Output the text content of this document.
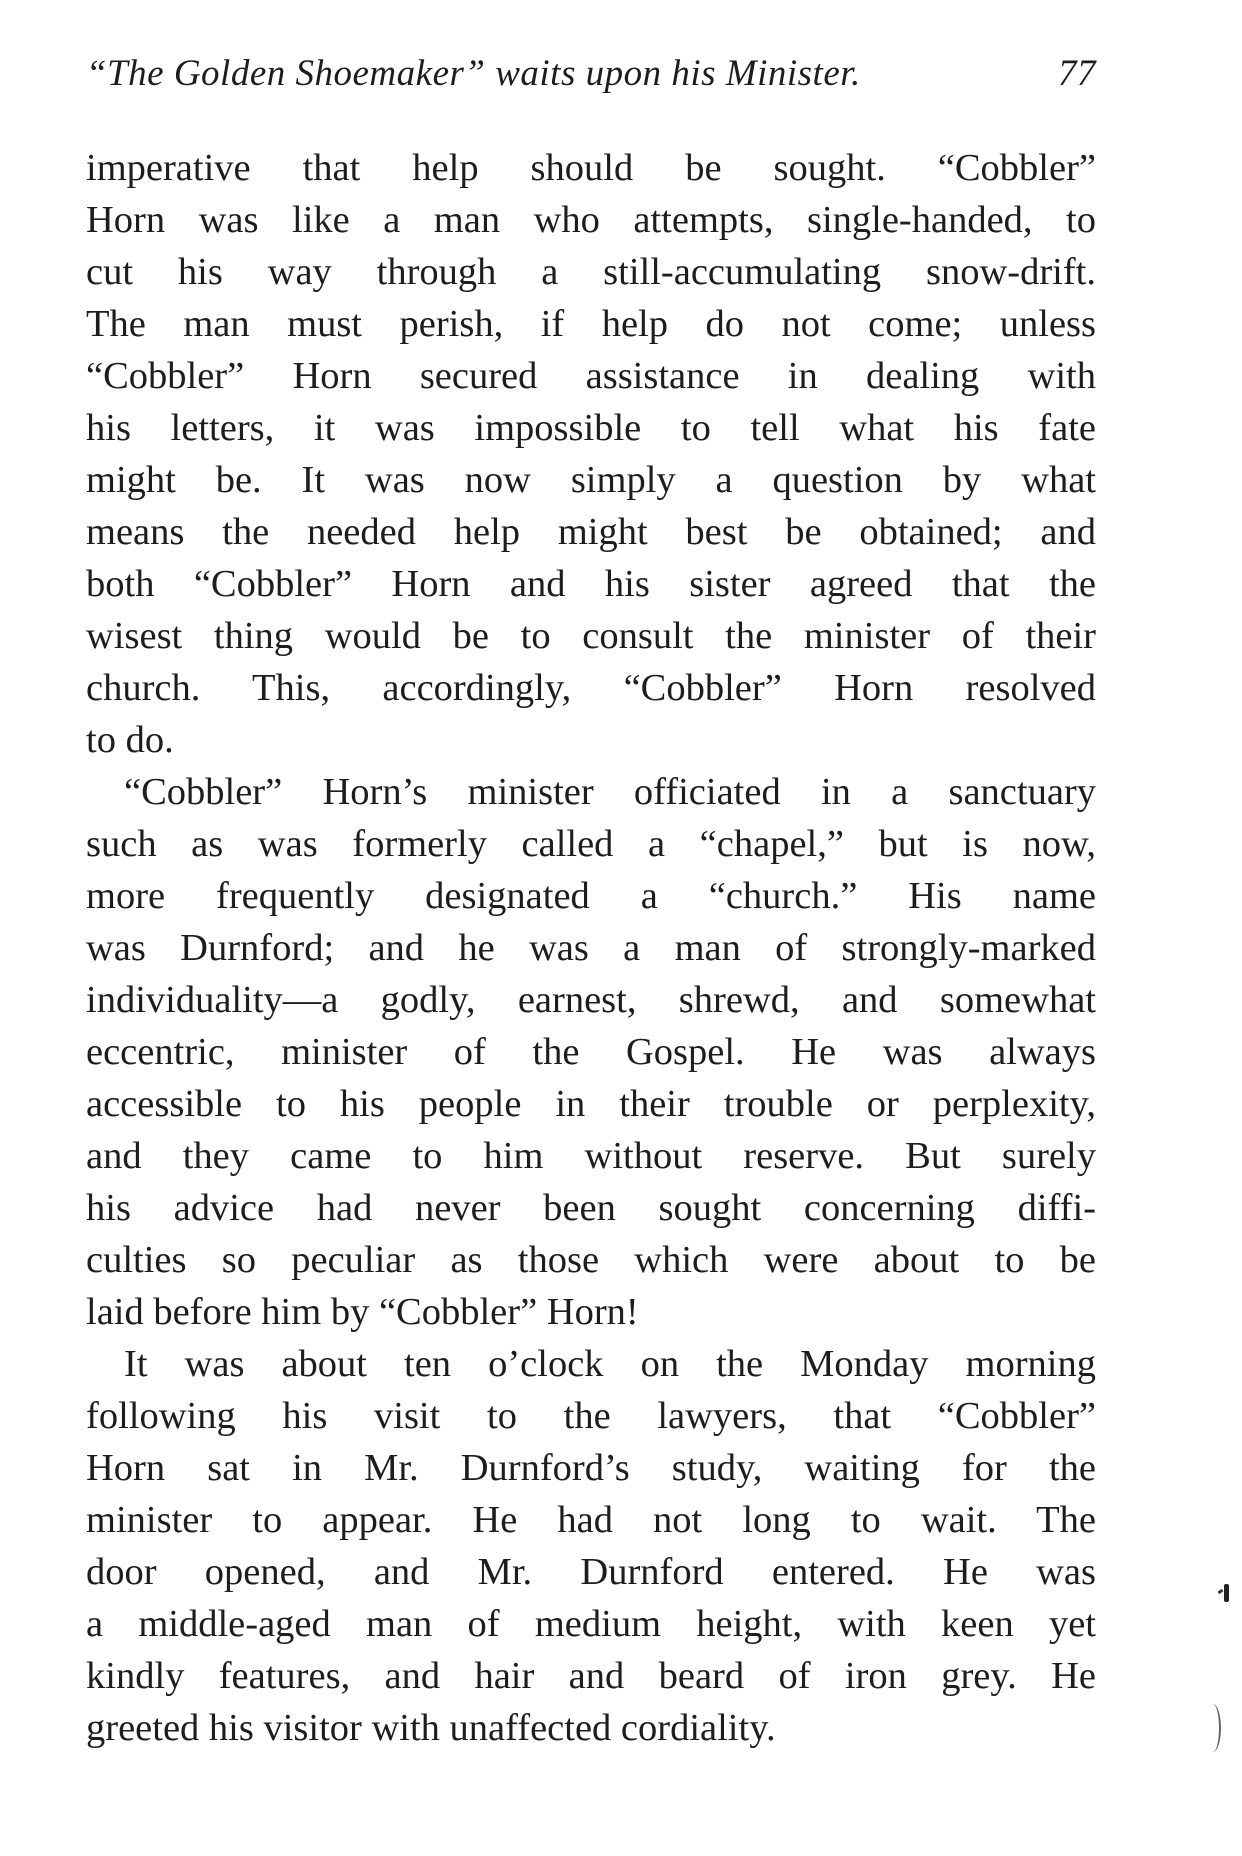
“The Golden Shoemaker” waits upon his Minister.	77
imperative that help should be sought. “Cobbler”
Horn was like a man who attempts, single-handed, to
cut his way through a still-accumulating snow-drift.
The man must perish, if help do not come; unless
“Cobbler” Horn secured assistance in dealing with
his letters, it was impossible to tell what his fate
might be. It was now simply a question by what
means the needed help might best be obtained; and
both “Cobbler” Horn and his sister agreed that the
wisest thing would be to consult the minister of their
church. This, accordingly, “Cobbler” Horn resolved
to do.
“Cobbler” Horn’s minister officiated in a sanctuary
such as was formerly called a “chapel,” but is now,
more frequently designated a “church.” His name
was Durnford; and he was a man of strongly-marked
individuality—a godly, earnest, shrewd, and somewhat
eccentric, minister of the Gospel. He was always
accessible to his people in their trouble or perplexity,
and they came to him without reserve. But surely
his advice had never been sought concerning diffi-
culties so peculiar as those which were about to be
laid before him by “Cobbler” Horn!
It was about ten o’clock on the Monday morning
following his visit to the lawyers, that “Cobbler”
Horn sat in Mr. Durnford’s study, waiting for the
minister to appear. He had not long to wait. The
door opened, and Mr. Durnford entered. He was
a middle-aged man of medium height, with keen yet
kindly features, and hair and beard of iron grey. He
greeted his visitor with unaffected cordiality.
